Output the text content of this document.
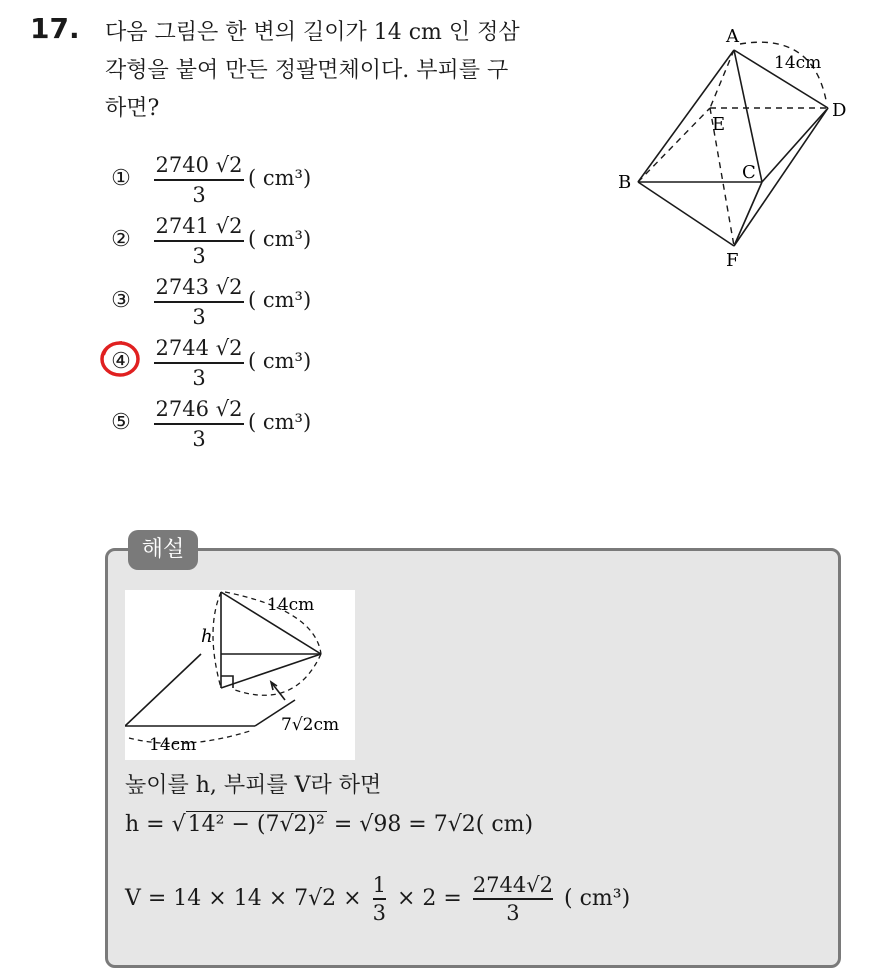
17. 다음 그림은 한 변의 길이가 14 cm 인 정삼
각형을 붙여 만든 정팔면체이다. 부피를 구
하면?
①
2740 √2
3
( cm³)
②
2741 √2
3
( cm³)
③
2743 √2
3
( cm³)
④
2744 √2
3
( cm³)
⑤
2746 √2
3
( cm³)
A
B	C
D
E
F
14cm
해설
14cm
h
7√2cm
14cm
높이를 h, 부피를 V라 하면
h = √14² − (7√2)² = √98 = 7√2( cm)
$V = 14 \times 14 \times 7√2 \times \frac{1}{3} \times 2 = \frac{2744√2}{3}$ ( cm³)
